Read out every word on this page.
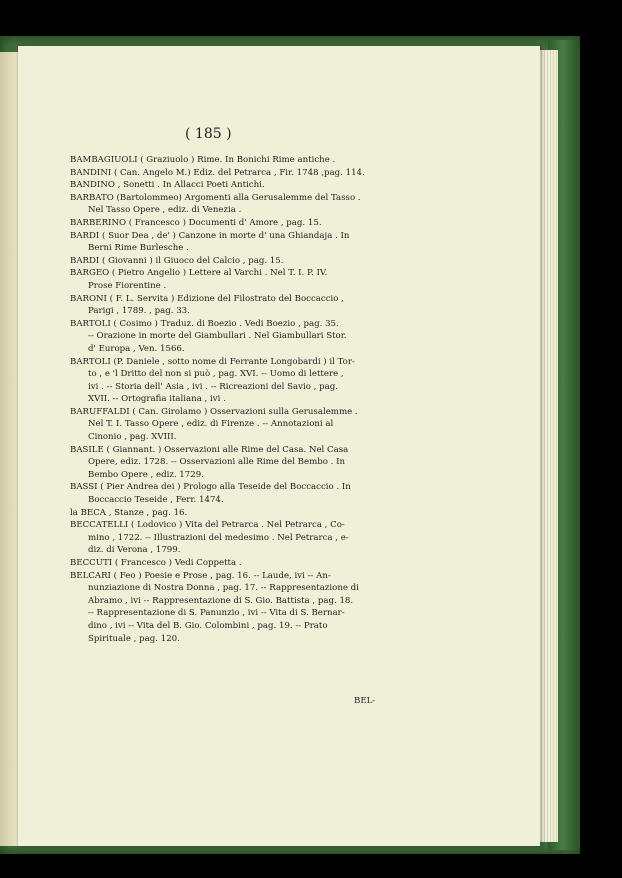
( 185 )
BAMBAGIUOLI ( Graziuolo ) Rime. In Bonichi Rime antiche .
BANDINI ( Can. Angelo M.) Ediz. del Petrarca , Fir. 1748 ,pag. 114.
BANDINO , Sonetti . In Allacci Poeti Antichi.
BARBATO (Bartolommeo) Argomenti alla Gerusalemme del Tasso .
Nel Tasso Opere , ediz. di Venezia .
BARBERINO ( Francesco ) Documenti d' Amore , pag. 15.
BARDI ( Suor Dea , de' ) Canzone in morte d' una Ghiandaja . In
Berni Rime Burlesche .
BARDI ( Giovanni ) il Giuoco del Calcio , pag. 15.
BARGEO ( Pietro Angelio ) Lettere al Varchi . Nel T. I. P. IV.
Prose Fiorentine .
BARONI ( F. L. Servita ) Edizione del Filostrato del Boccaccio ,
Parigi , 1789. , pag. 33.
BARTOLI ( Cosimo ) Traduz. di Boezio . Vedi Boezio , pag. 35.
-- Orazione in morte del Giambullari . Nel Giambullari Stor.
d' Europa , Ven. 1566.
BARTOLI (P. Daniele , sotto nome di Ferrante Longobardi ) il Tor-
to , e 'l Dritto del non si può , pag. XVI. -- Uomo di lettere ,
ivi . -- Storia dell' Asia , ivi . -- Ricreazioni del Savio , pag.
XVII. -- Ortografia italiana , ivi .
BARUFFALDI ( Can. Girolamo ) Osservazioni sulla Gerusalemme .
Nel T. I. Tasso Opere , ediz. di Firenze . -- Annotazioni al
Cinonio , pag. XVIII.
BASILE ( Giannant. ) Osservazioni alle Rime del Casa. Nel Casa
Opere, ediz. 1728. -- Osservazioni alle Rime del Bembo . In
Bembo Opere , ediz. 1729.
BASSI ( Pier Andrea dei ) Prologo alla Teseide del Boccaccio . In
Boccaccio Teseide , Ferr. 1474.
la BECA , Stanze , pag. 16.
BECCATELLI ( Lodovico ) Vita del Petrarca . Nel Petrarca , Co-
mino , 1722. -- Illustrazioni del medesimo . Nel Petrarca , e-
diz. di Verona , 1799.
BECCUTI ( Francesco ) Vedi Coppetta .
BELCARI ( Feo ) Poesie e Prose , pag. 16. -- Laude, ivi -- An-
nunziazione di Nostra Donna , pag. 17. -- Rappresentazione di
Abramo , ivi -- Rappresentazione di S. Gio. Battista , pag. 18.
-- Rappresentazione di S. Panunzio , ivi -- Vita di S. Bernar-
dino , ivi -- Vita del B. Gio. Colombini , pag. 19. -- Prato
Spirituale , pag. 120.
BEL-
